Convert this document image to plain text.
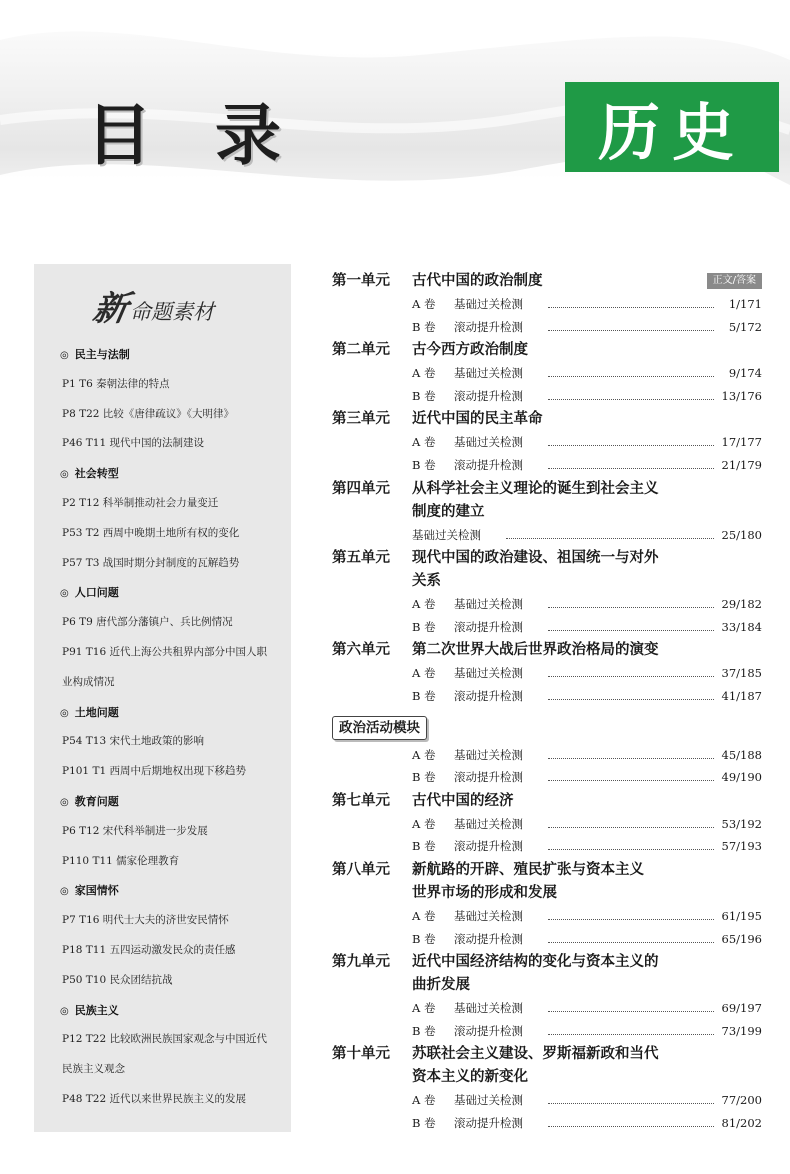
目 录	历史
新 命题素材
◎ 民主与法制
P1 T6 秦朝法律的特点
P8 T22 比较《唐律疏议》《大明律》
P46 T11 现代中国的法制建设
◎ 社会转型
P2 T12 科举制推动社会力量变迁
P53 T2 西周中晚期土地所有权的变化
P57 T3 战国时期分封制度的瓦解趋势
◎ 人口问题
P6 T9 唐代部分藩镇户、兵比例情况
P91 T16 近代上海公共租界内部分中国人职
业构成情况
◎ 土地问题
P54 T13 宋代土地政策的影响
P101 T1 西周中后期地权出现下移趋势
◎ 教育问题
P6 T12 宋代科举制进一步发展
P110 T11 儒家伦理教育
◎ 家国情怀
P7 T16 明代士大夫的济世安民情怀
P18 T11 五四运动激发民众的责任感
P50 T10 民众团结抗战
◎ 民族主义
P12 T22 比较欧洲民族国家观念与中国近代
民族主义观念
P48 T22 近代以来世界民族主义的发展
第一单元 古代中国的政治制度	正文/答案
A 卷 基础过关检测	1/171
B 卷 滚动提升检测	5/172
第二单元 古今西方政治制度
A 卷 基础过关检测	9/174
B 卷 滚动提升检测	13/176
第三单元 近代中国的民主革命
A 卷 基础过关检测	17/177
B 卷 滚动提升检测	21/179
第四单元 从科学社会主义理论的诞生到社会主义
制度的建立
基础过关检测	25/180
第五单元 现代中国的政治建设、祖国统一与对外
关系
A 卷 基础过关检测	29/182
B 卷 滚动提升检测	33/184
第六单元 第二次世界大战后世界政治格局的演变
A 卷 基础过关检测	37/185
B 卷 滚动提升检测	41/187
政治活动模块
A 卷 基础过关检测	45/188
B 卷 滚动提升检测	49/190
第七单元 古代中国的经济
A 卷 基础过关检测	53/192
B 卷 滚动提升检测	57/193
第八单元 新航路的开辟、殖民扩张与资本主义
世界市场的形成和发展
A 卷 基础过关检测	61/195
B 卷 滚动提升检测	65/196
第九单元 近代中国经济结构的变化与资本主义的
曲折发展
A 卷 基础过关检测	69/197
B 卷 滚动提升检测	73/199
第十单元 苏联社会主义建设、罗斯福新政和当代
资本主义的新变化
A 卷 基础过关检测	77/200
B 卷 滚动提升检测	81/202
